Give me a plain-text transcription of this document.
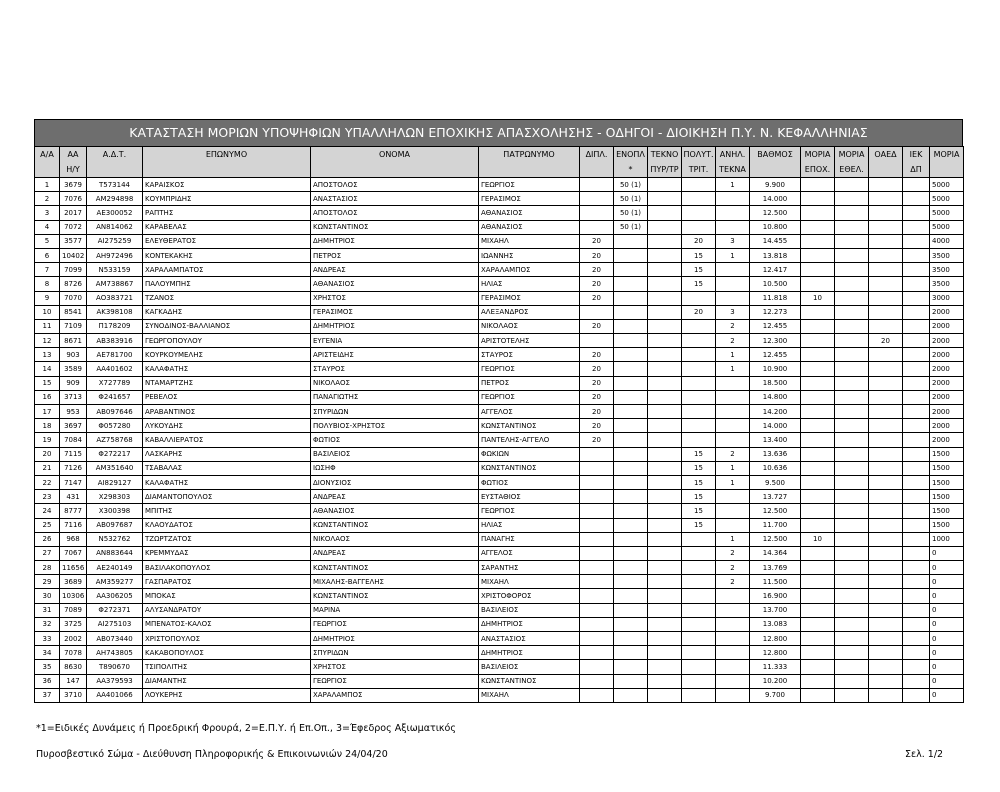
ΚΑΤΑΣΤΑΣΗ ΜΟΡΙΩΝ ΥΠΟΨΗΦΙΩΝ ΥΠΑΛΛΗΛΩΝ ΕΠΟΧΙΚΗΣ ΑΠΑΣΧΟΛΗΣΗΣ - ΟΔΗΓΟΙ - ΔΙΟΙΚΗΣΗ Π.Υ. Ν. ΚΕΦΑΛΛΗΝΙΑΣ
Α/Α	ΑΑ	Α.Δ.Τ.	ΕΠΩΝΥΜΟ	ΟΝΟΜΑ	ΠΑΤΡΩΝΥΜΟ	ΔΙΠΛ.	ΕΝΟΠΛ	ΤΕΚΝΟ	ΠΟΛΥΤ.	ΑΝΗΛ.	ΒΑΘΜΟΣ	ΜΟΡΙΑ	ΜΟΡΙΑ	ΟΑΕΔ	ΙΕΚ	ΜΟΡΙΑ
	Η/Υ						*	ΠΥΡ/ΤΡ	ΤΡΙΤ.	ΤΕΚΝΑ		ΕΠΟΧ.	ΕΘΕΛ.		ΔΠ	
1	3679	Τ573144	ΚΑΡΑΙΣΚΟΣ	ΑΠΟΣΤΟΛΟΣ	ΓΕΩΡΓΙΟΣ		50 (1)			1	9.900					5000
2	7076	ΑΜ294898	ΚΟΥΜΠΡΙΔΗΣ	ΑΝΑΣΤΑΣΙΟΣ	ΓΕΡΑΣΙΜΟΣ		50 (1)				14.000					5000
3	2017	ΑΕ300052	ΡΑΠΤΗΣ	ΑΠΟΣΤΟΛΟΣ	ΑΘΑΝΑΣΙΟΣ		50 (1)				12.500					5000
4	7072	ΑΝ814062	ΚΑΡΑΒΕΛΑΣ	ΚΩΝΣΤΑΝΤΙΝΟΣ	ΑΘΑΝΑΣΙΟΣ		50 (1)				10.800					5000
5	3577	ΑΙ275259	ΕΛΕΥΘΕΡΑΤΟΣ	ΔΗΜΗΤΡΙΟΣ	ΜΙΧΑΗΛ	20			20	3	14.455					4000
6	10402	ΑΗ972496	ΚΟΝΤΕΚΑΚΗΣ	ΠΕΤΡΟΣ	ΙΩΑΝΝΗΣ	20			15	1	13.818					3500
7	7099	Ν533159	ΧΑΡΑΛΑΜΠΑΤΟΣ	ΑΝΔΡΕΑΣ	ΧΑΡΑΛΑΜΠΟΣ	20			15		12.417					3500
8	8726	ΑΜ738867	ΠΑΛΟΥΜΠΗΣ	ΑΘΑΝΑΣΙΟΣ	ΗΛΙΑΣ	20			15		10.500					3500
9	7070	ΑΟ383721	ΤΖΑΝΟΣ	ΧΡΗΣΤΟΣ	ΓΕΡΑΣΙΜΟΣ	20					11.818	10				3000
10	8541	ΑΚ398108	ΚΑΓΚΑΔΗΣ	ΓΕΡΑΣΙΜΟΣ	ΑΛΕΞΑΝΔΡΟΣ				20	3	12.273					2000
11	7109	Π178209	ΣΥΝΟΔΙΝΟΣ-ΒΑΛΛΙΑΝΟΣ	ΔΗΜΗΤΡΙΟΣ	ΝΙΚΟΛΑΟΣ	20				2	12.455					2000
12	8671	ΑΒ383916	ΓΕΩΡΓΟΠΟΥΛΟΥ	ΕΥΓΕΝΙΑ	ΑΡΙΣΤΟΤΕΛΗΣ					2	12.300			20		2000
13	903	ΑΕ781700	ΚΟΥΡΚΟΥΜΕΛΗΣ	ΑΡΙΣΤΕΙΔΗΣ	ΣΤΑΥΡΟΣ	20				1	12.455					2000
14	3589	ΑΑ401602	ΚΑΛΑΦΑΤΗΣ	ΣΤΑΥΡΟΣ	ΓΕΩΡΓΙΟΣ	20				1	10.900					2000
15	909	Χ727789	ΝΤΑΜΑΡΤΖΗΣ	ΝΙΚΟΛΑΟΣ	ΠΕΤΡΟΣ	20					18.500					2000
16	3713	Φ241657	ΡΕΒΕΛΟΣ	ΠΑΝΑΓΙΩΤΗΣ	ΓΕΩΡΓΙΟΣ	20					14.800					2000
17	953	ΑΒ097646	ΑΡΑΒΑΝΤΙΝΟΣ	ΣΠΥΡΙΔΩΝ	ΑΓΓΕΛΟΣ	20					14.200					2000
18	3697	Φ057280	ΛΥΚΟΥΔΗΣ	ΠΟΛΥΒΙΟΣ-ΧΡΗΣΤΟΣ	ΚΩΝΣΤΑΝΤΙΝΟΣ	20					14.000					2000
19	7084	ΑΖ758768	ΚΑΒΑΛΛΙΕΡΑΤΟΣ	ΦΩΤΙΟΣ	ΠΑΝΤΕΛΗΣ-ΑΓΓΕΛΟ	20					13.400					2000
20	7115	Φ272217	ΛΑΣΚΑΡΗΣ	ΒΑΣΙΛΕΙΟΣ	ΦΩΚΙΩΝ				15	2	13.636					1500
21	7126	ΑΜ351640	ΤΣΑΒΑΛΑΣ	ΙΩΣΗΦ	ΚΩΝΣΤΑΝΤΙΝΟΣ				15	1	10.636					1500
22	7147	ΑΙ829127	ΚΑΛΑΦΑΤΗΣ	ΔΙΟΝΥΣΙΟΣ	ΦΩΤΙΟΣ				15	1	9.500					1500
23	431	Χ298303	ΔΙΑΜΑΝΤΟΠΟΥΛΟΣ	ΑΝΔΡΕΑΣ	ΕΥΣΤΑΘΙΟΣ				15		13.727					1500
24	8777	Χ300398	ΜΠΙΤΗΣ	ΑΘΑΝΑΣΙΟΣ	ΓΕΩΡΓΙΟΣ				15		12.500					1500
25	7116	ΑΒ097687	ΚΛΑΟΥΔΑΤΟΣ	ΚΩΝΣΤΑΝΤΙΝΟΣ	ΗΛΙΑΣ				15		11.700					1500
26	968	Ν532762	ΤΖΩΡΤΖΑΤΟΣ	ΝΙΚΟΛΑΟΣ	ΠΑΝΑΓΗΣ					1	12.500	10				1000
27	7067	ΑΝ883644	ΚΡΕΜΜΥΔΑΣ	ΑΝΔΡΕΑΣ	ΑΓΓΕΛΟΣ					2	14.364					0
28	11656	ΑΕ240149	ΒΑΣΙΛΑΚΟΠΟΥΛΟΣ	ΚΩΝΣΤΑΝΤΙΝΟΣ	ΣΑΡΑΝΤΗΣ					2	13.769					0
29	3689	ΑΜ359277	ΓΑΣΠΑΡΑΤΟΣ	ΜΙΧΑΛΗΣ-ΒΑΓΓΕΛΗΣ	ΜΙΧΑΗΛ					2	11.500					0
30	10306	ΑΑ306205	ΜΠΟΚΑΣ	ΚΩΝΣΤΑΝΤΙΝΟΣ	ΧΡΙΣΤΟΦΟΡΟΣ						16.900					0
31	7089	Φ272371	ΑΛΥΣΑΝΔΡΑΤΟΥ	ΜΑΡΙΝΑ	ΒΑΣΙΛΕΙΟΣ						13.700					0
32	3725	ΑΙ275103	ΜΠΕΝΑΤΟΣ-ΚΑΛΟΣ	ΓΕΩΡΓΙΟΣ	ΔΗΜΗΤΡΙΟΣ						13.083					0
33	2002	ΑΒ073440	ΧΡΙΣΤΟΠΟΥΛΟΣ	ΔΗΜΗΤΡΙΟΣ	ΑΝΑΣΤΑΣΙΟΣ						12.800					0
34	7078	ΑΗ743805	ΚΑΚΑΒΟΠΟΥΛΟΣ	ΣΠΥΡΙΔΩΝ	ΔΗΜΗΤΡΙΟΣ						12.800					0
35	8630	Τ890670	ΤΣΙΠΟΛΙΤΗΣ	ΧΡΗΣΤΟΣ	ΒΑΣΙΛΕΙΟΣ						11.333					0
36	147	ΑΑ379593	ΔΙΑΜΑΝΤΗΣ	ΓΕΩΡΓΙΟΣ	ΚΩΝΣΤΑΝΤΙΝΟΣ						10.200					0
37	3710	ΑΑ401066	ΛΟΥΚΕΡΗΣ	ΧΑΡΑΛΑΜΠΟΣ	ΜΙΧΑΗΛ						9.700					0
*1=Ειδικές Δυνάμεις ή Προεδρική Φρουρά, 2=Ε.Π.Υ. ή Επ.Οπ., 3=Έφεδρος Αξιωματικός
Πυροσβεστικό Σώμα - Διεύθυνση Πληροφορικής & Επικοινωνιών 24/04/20	Σελ. 1/2
